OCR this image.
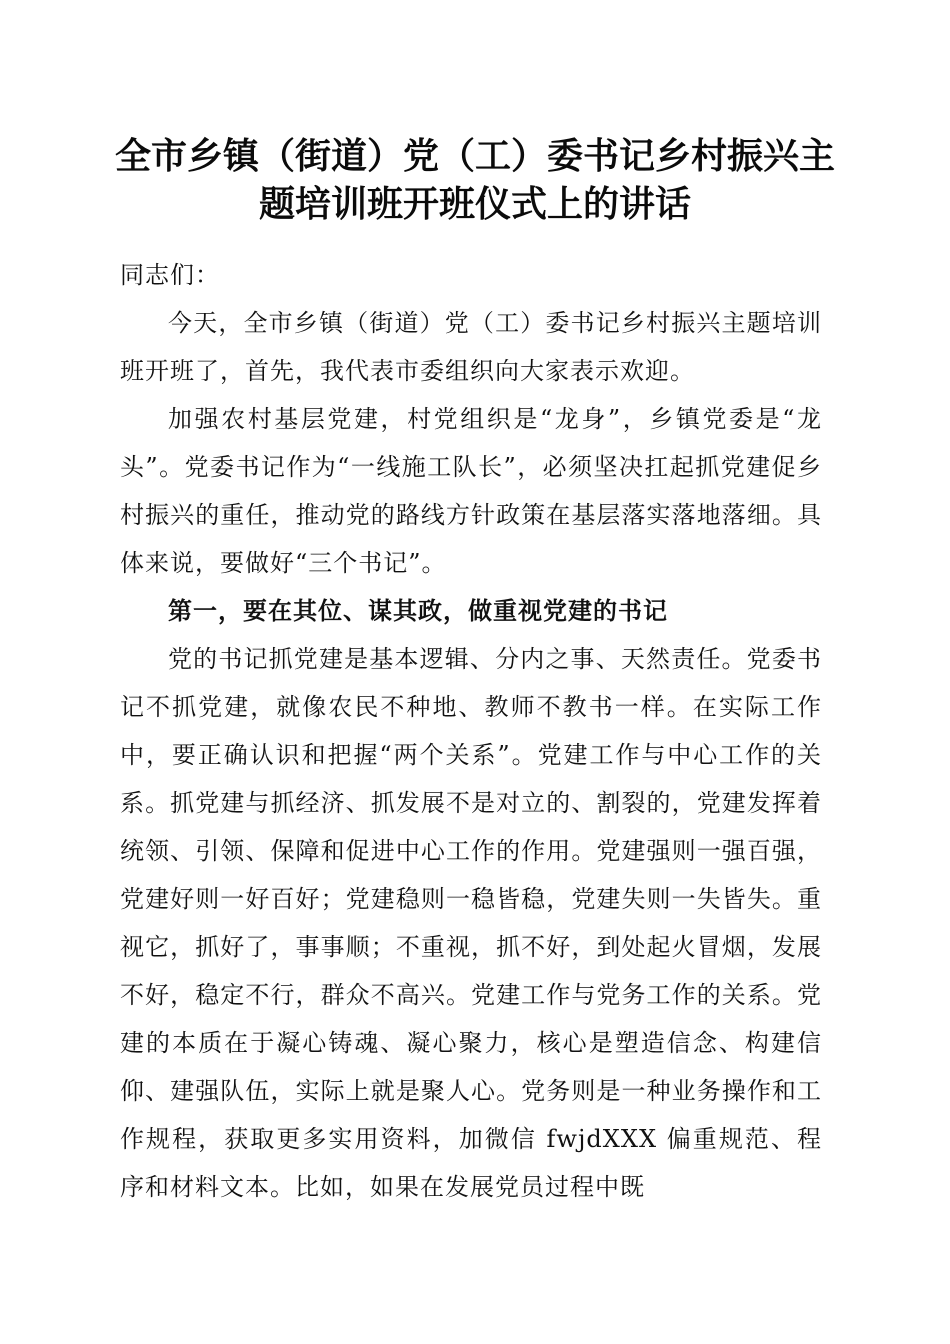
全市乡镇（街道）党（工）委书记乡村振兴主
题培训班开班仪式上的讲话

同志们：

今天，全市乡镇（街道）党（工）委书记乡村振兴主题培训班开班了，首先，我代表市委组织向大家表示欢迎。

加强农村基层党建，村党组织是“龙身”，乡镇党委是“龙头”。党委书记作为“一线施工队长”，必须坚决扛起抓党建促乡村振兴的重任，推动党的路线方针政策在基层落实落地落细。具体来说，要做好“三个书记”。

第一，要在其位、谋其政，做重视党建的书记

党的书记抓党建是基本逻辑、分内之事、天然责任。党委书记不抓党建，就像农民不种地、教师不教书一样。在实际工作中，要正确认识和把握“两个关系”。党建工作与中心工作的关系。抓党建与抓经济、抓发展不是对立的、割裂的，党建发挥着统领、引领、保障和促进中心工作的作用。党建强则一强百强，党建好则一好百好；党建稳则一稳皆稳，党建失则一失皆失。重视它，抓好了，事事顺；不重视，抓不好，到处起火冒烟，发展不好，稳定不行，群众不高兴。党建工作与党务工作的关系。党建的本质在于凝心铸魂、凝心聚力，核心是塑造信念、构建信仰、建强队伍，实际上就是聚人心。党务则是一种业务操作和工作规程，获取更多实用资料，加微信 fwjdXXX 偏重规范、程序和材料文本。比如，如果在发展党员过程中既
